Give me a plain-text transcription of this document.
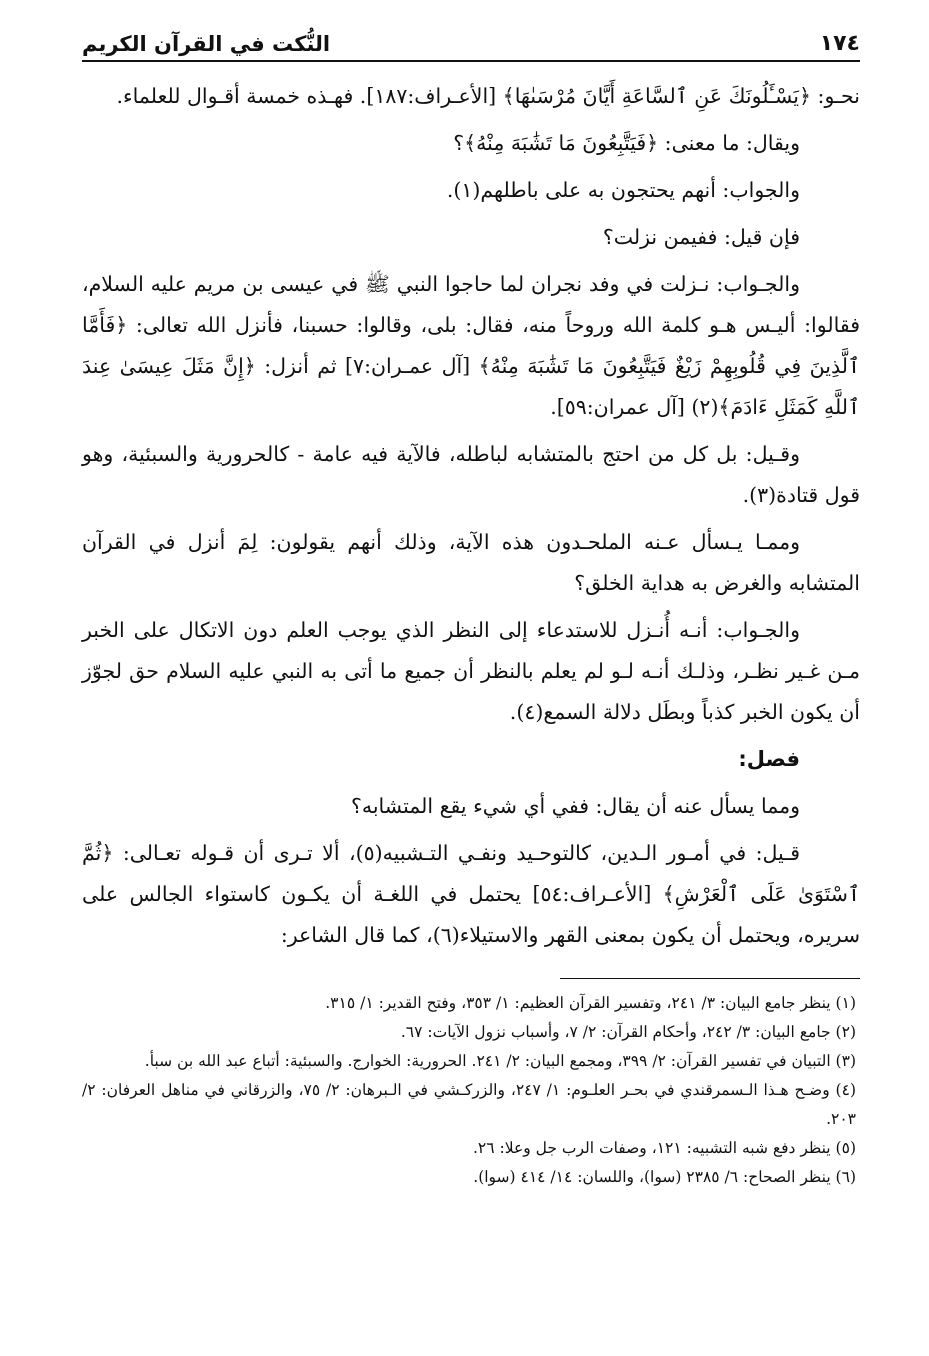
١٧٤
النُّكت في القرآن الكريم

نحـو: ﴿يَسْـَٔلُونَكَ عَنِ ٱلسَّاعَةِ أَيَّانَ مُرْسَىٰهَا﴾ [الأعـراف:١٨٧]. فهـذه خمسة أقـوال للعلماء.

ويقال: ما معنى: ﴿فَيَتَّبِعُونَ مَا تَشَٰبَهَ مِنْهُ﴾؟

والجواب: أنهم يحتجون به على باطلهم(١).

فإن قيل: ففيمن نزلت؟

والجـواب: نـزلت في وفد نجران لما حاجوا النبي ﷺ في عيسى بن مريم عليه السلام، فقالوا: أليـس هـو كلمة الله وروحاً منه، فقال: بلى، وقالوا: حسبنا، فأنزل الله تعالى: ﴿فَأَمَّا ٱلَّذِينَ فِي قُلُوبِهِمْ زَيْغٌ فَيَتَّبِعُونَ مَا تَشَٰبَهَ مِنْهُ﴾ [آل عمـران:٧] ثم أنزل: ﴿إِنَّ مَثَلَ عِيسَىٰ عِندَ ٱللَّهِ كَمَثَلِ ءَادَمَ﴾(٢) [آل عمران:٥٩].

وقـيل: بل كل من احتج بالمتشابه لباطله، فالآية فيه عامة - كالحرورية والسبئية، وهو قول قتادة(٣).

وممـا يـسأل عـنه الملحـدون هذه الآية، وذلك أنهم يقولون: لِمَ أنزل في القرآن المتشابه والغرض به هداية الخلق؟

والجـواب: أنـه أُنـزل للاستدعاء إلى النظر الذي يوجب العلم دون الاتكال على الخبر مـن غـير نظـر، وذلـك أنـه لـو لم يعلم بالنظر أن جميع ما أتى به النبي عليه السلام حق لجوّز أن يكون الخبر كذباً وبطَل دلالة السمع(٤).

فصل:

ومما يسأل عنه أن يقال: ففي أي شيء يقع المتشابه؟

قـيل: في أمـور الـدين، كالتوحـيد ونفـي التـشبيه(٥)، ألا تـرى أن قـوله تعـالى: ﴿ثُمَّ ٱسْتَوَىٰ عَلَى ٱلْعَرْشِ﴾ [الأعـراف:٥٤] يحتمل في اللغـة أن يكـون كاستواء الجالس على سريره، ويحتمل أن يكون بمعنى القهر والاستيلاء(٦)، كما قال الشاعر:

(١) ينظر جامع البيان: ٣/ ٢٤١، وتفسير القرآن العظيم: ١/ ٣٥٣، وفتح القدير: ١/ ٣١٥.

(٢) جامع البيان: ٣/ ٢٤٢، وأحكام القرآن: ٢/ ٧، وأسباب نزول الآيات: ٦٧.

(٣) التبيان في تفسير القرآن: ٢/ ٣٩٩، ومجمع البيان: ٢/ ٢٤١. الحرورية: الخوارج. والسبئية: أتباع عبد الله بن سبأ.

(٤) وضـح هـذا الـسمرقندي في بحـر العلـوم: ١/ ٢٤٧، والزركـشي في الـبرهان: ٢/ ٧٥، والزرقاني في مناهل العرفان: ٢/ ٢٠٣.

(٥) ينظر دفع شبه التشبيه: ١٢١، وصفات الرب جل وعلا: ٢٦.

(٦) ينظر الصحاح: ٦/ ٢٣٨٥ (سوا)، واللسان: ١٤/ ٤١٤ (سوا).
